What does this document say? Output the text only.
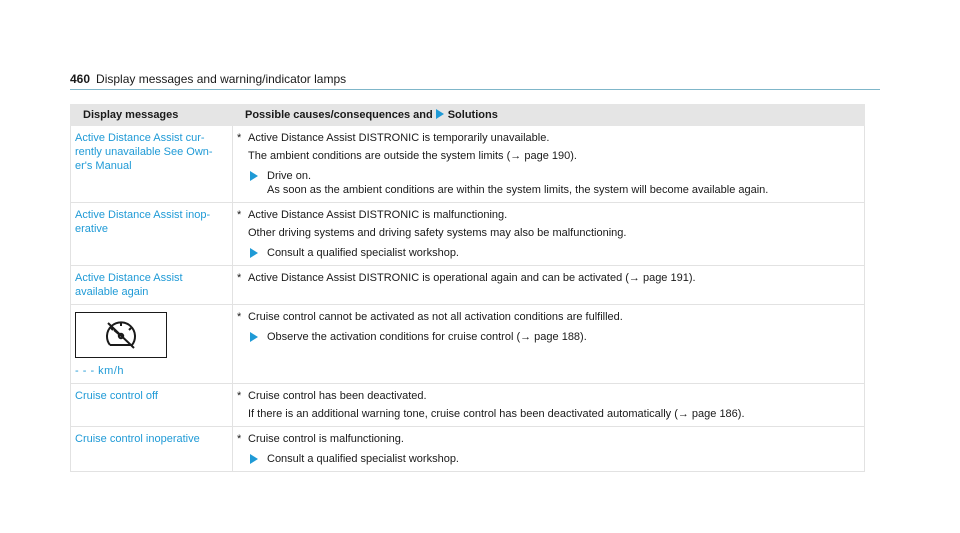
460 Display messages and warning/indicator lamps
Display messages	Possible causes/consequences and Solutions
Active Distance Assist cur-rently unavailable See Own-er's Manual	* Active Distance Assist DISTRONIC is temporarily unavailable.
The ambient conditions are outside the system limits (→ page 190).
Drive on.
As soon as the ambient conditions are within the system limits, the system will become available again.

Active Distance Assist inop-erative	* Active Distance Assist DISTRONIC is malfunctioning.
Other driving systems and driving safety systems may also be malfunctioning.
Consult a qualified specialist workshop.

Active Distance Assist available again	* Active Distance Assist DISTRONIC is operational again and can be activated (→ page 191).

- - - km/h	* Cruise control cannot be activated as not all activation conditions are fulfilled.
Observe the activation conditions for cruise control (→ page 188).

Cruise control off	* Cruise control has been deactivated.
If there is an additional warning tone, cruise control has been deactivated automatically (→ page 186).

Cruise control inoperative	* Cruise control is malfunctioning.
Consult a qualified specialist workshop.
